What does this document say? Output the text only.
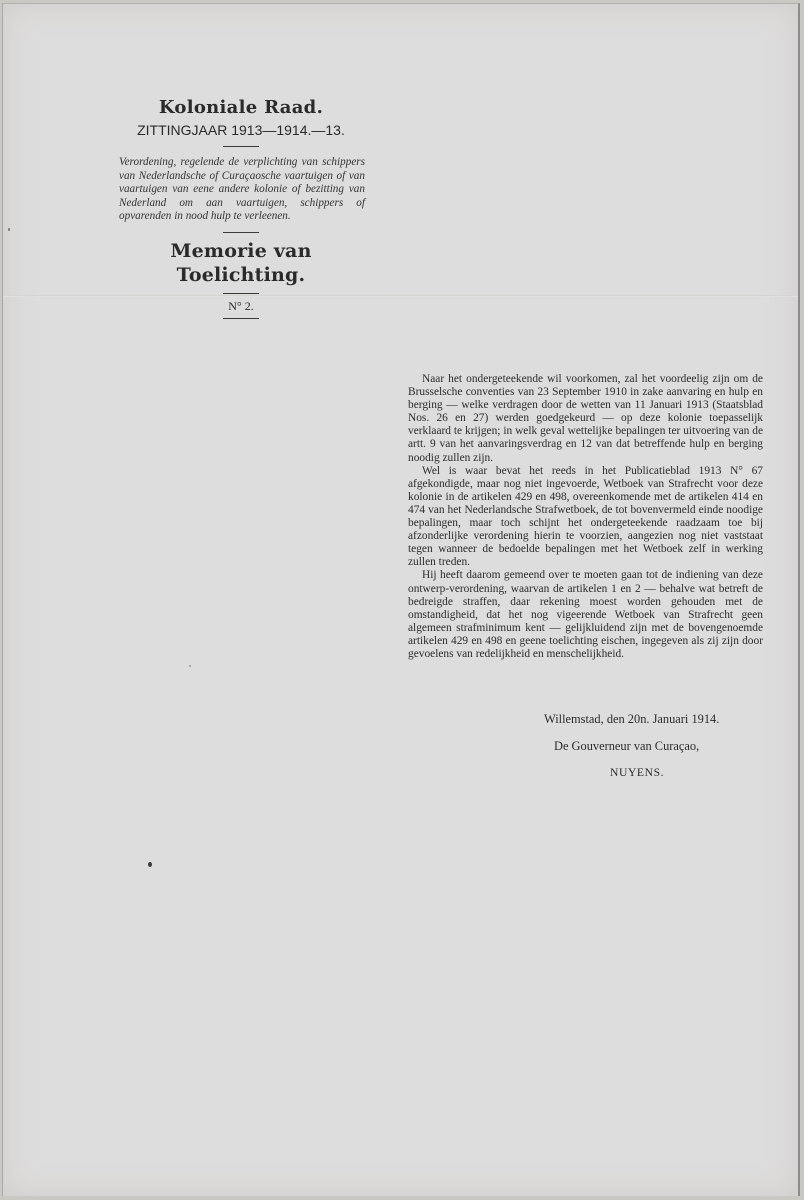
Koloniale Raad.

ZITTINGJAAR 1913—1914.—13.

Verordening, regelende de verplichting van schippers van Nederlandsche of Curaçaosche vaartuigen of van vaartuigen van eene andere kolonie of bezitting van Nederland om aan vaartuigen, schippers of opvarenden in nood hulp te verleenen.

Memorie van Toelichting.

N° 2.

Naar het ondergeteekende wil voorkomen, zal het voordeelig zijn om de Brusselsche conventies van 23 September 1910 in zake aanvaring en hulp en berging — welke verdragen door de wetten van 11 Januari 1913 (Staatsblad Nos. 26 en 27) werden goedgekeurd — op deze kolonie toepasselijk verklaard te krijgen; in welk geval wettelijke bepalingen ter uitvoering van de artt. 9 van het aanvaringsverdrag en 12 van dat betreffende hulp en berging noodig zullen zijn.

Wel is waar bevat het reeds in het Publicatieblad 1913 N° 67 afgekondigde, maar nog niet ingevoerde, Wetboek van Strafrecht voor deze kolonie in de artikelen 429 en 498, overeenkomende met de artikelen 414 en 474 van het Nederlandsche Strafwetboek, de tot bovenvermeld einde noodige bepalingen, maar toch schijnt het ondergeteekende raadzaam toe bij afzonderlijke verordening hierin te voorzien, aangezien nog niet vaststaat tegen wanneer de bedoelde bepalingen met het Wetboek zelf in werking zullen treden.

Hij heeft daarom gemeend over te moeten gaan tot de indiening van deze ontwerp-verordening, waarvan de artikelen 1 en 2 — behalve wat betreft de bedreigde straffen, daar rekening moest worden gehouden met de omstandigheid, dat het nog vigeerende Wetboek van Strafrecht geen algemeen strafminimum kent — gelijkluidend zijn met de bovengenoemde artikelen 429 en 498 en geene toelichting eischen, ingegeven als zij zijn door gevoelens van redelijkheid en menschelijkheid.

Willemstad, den 20n. Januari 1914.
De Gouverneur van Curaçao,
NUYENS.
